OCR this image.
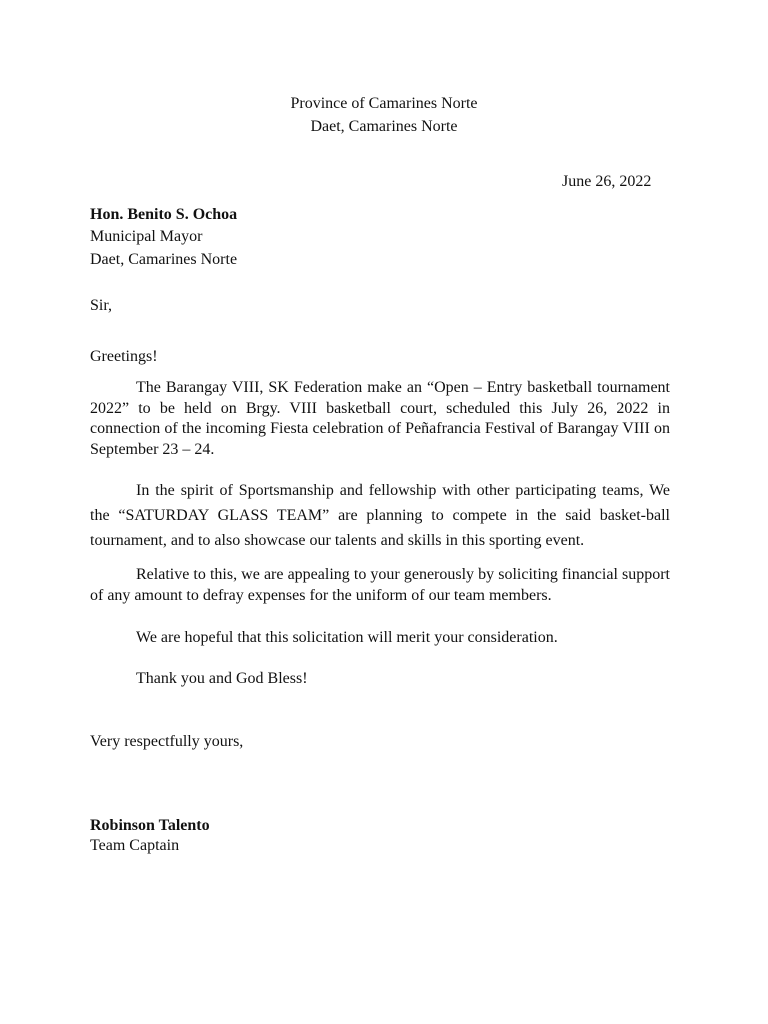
Province of Camarines Norte
Daet, Camarines Norte
June 26, 2022
Hon. Benito S. Ochoa
Municipal Mayor
Daet, Camarines Norte
Sir,
Greetings!
The Barangay VIII, SK Federation make an “Open – Entry basketball tournament 2022” to be held on Brgy. VIII basketball court, scheduled this July 26, 2022 in connection of the incoming Fiesta celebration of Peñafrancia Festival of Barangay VIII on September 23 – 24.
In the spirit of Sportsmanship and fellowship with other participating teams, We the “SATURDAY GLASS TEAM” are planning to compete in the said basket-ball tournament, and to also showcase our talents and skills in this sporting event.
Relative to this, we are appealing to your generously by soliciting financial support of any amount to defray expenses for the uniform of our team members.
We are hopeful that this solicitation will merit your consideration.
Thank you and God Bless!
Very respectfully yours,
Robinson Talento
Team Captain
